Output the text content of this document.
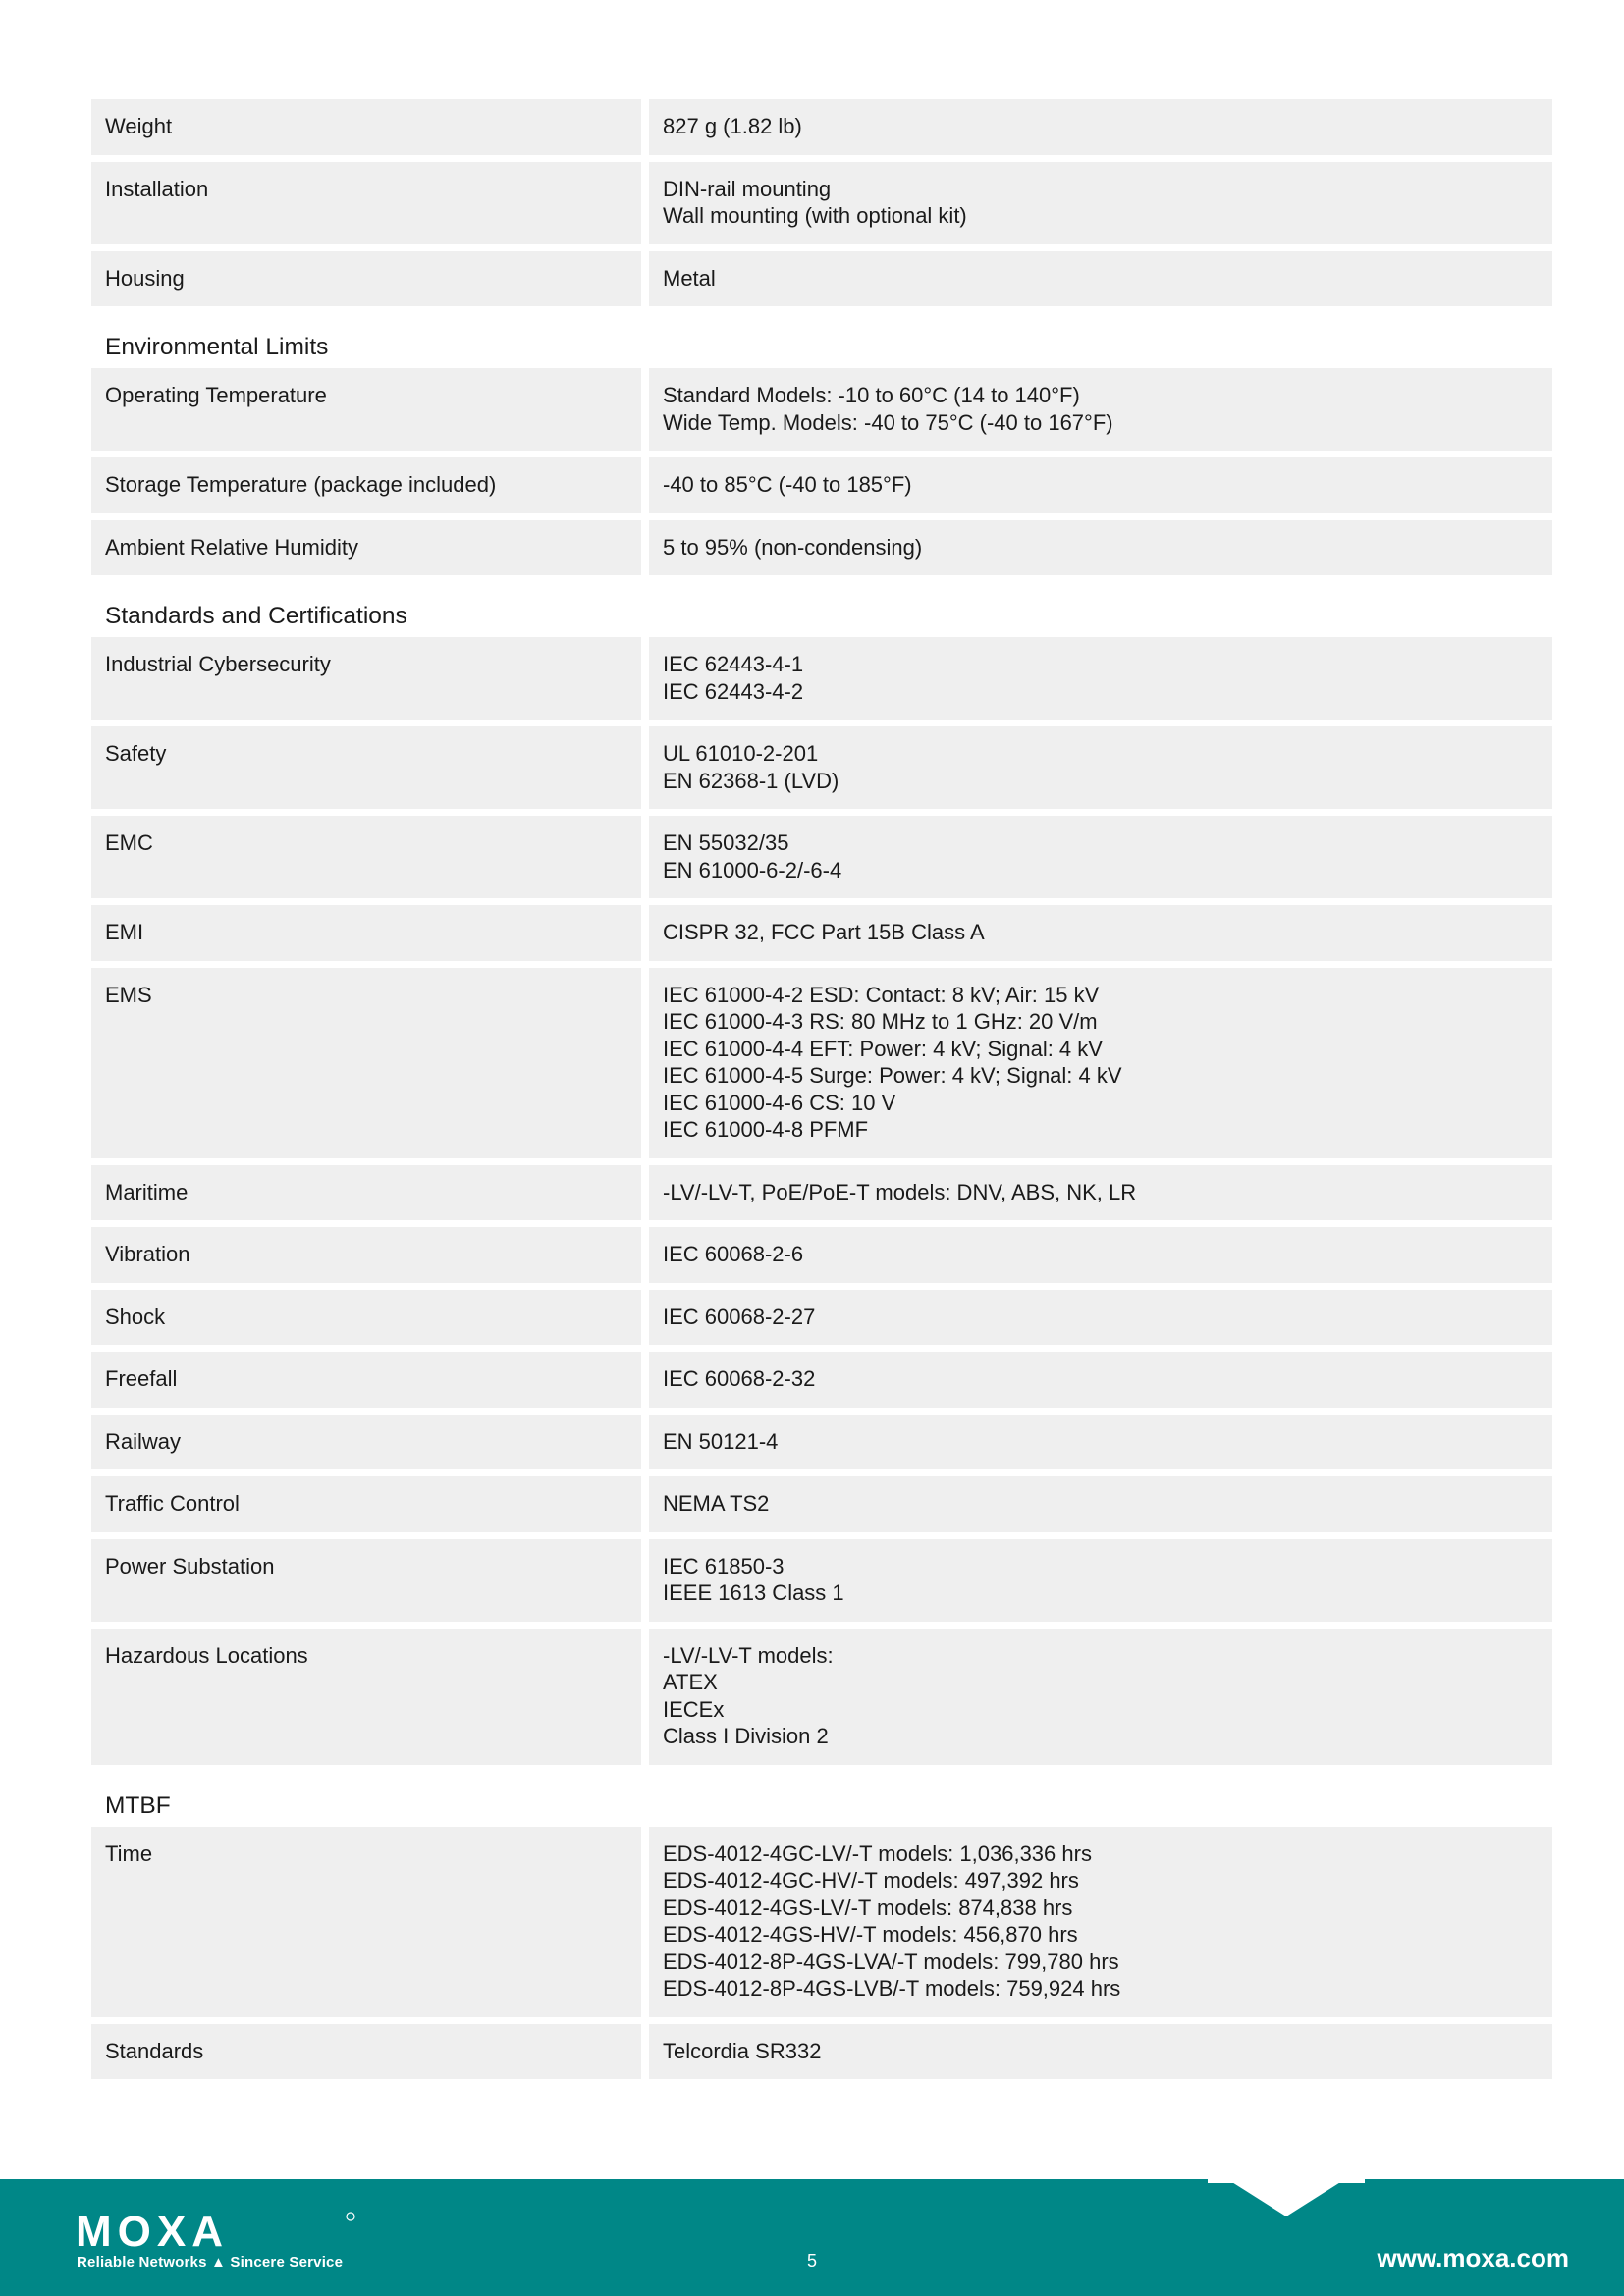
Weight	827 g (1.82 lb)
Installation	DIN-rail mounting
Wall mounting (with optional kit)
Housing	Metal
Environmental Limits
Operating Temperature	Standard Models: -10 to 60°C (14 to 140°F)
Wide Temp. Models: -40 to 75°C (-40 to 167°F)
Storage Temperature (package included)	-40 to 85°C (-40 to 185°F)
Ambient Relative Humidity	5 to 95% (non-condensing)
Standards and Certifications
Industrial Cybersecurity	IEC 62443-4-1
IEC 62443-4-2
Safety	UL 61010-2-201
EN 62368-1 (LVD)
EMC	EN 55032/35
EN 61000-6-2/-6-4
EMI	CISPR 32, FCC Part 15B Class A
EMS	IEC 61000-4-2 ESD: Contact: 8 kV; Air: 15 kV
IEC 61000-4-3 RS: 80 MHz to 1 GHz: 20 V/m
IEC 61000-4-4 EFT: Power: 4 kV; Signal: 4 kV
IEC 61000-4-5 Surge: Power: 4 kV; Signal: 4 kV
IEC 61000-4-6 CS: 10 V
IEC 61000-4-8 PFMF
Maritime	-LV/-LV-T, PoE/PoE-T models: DNV, ABS, NK, LR
Vibration	IEC 60068-2-6
Shock	IEC 60068-2-27
Freefall	IEC 60068-2-32
Railway	EN 50121-4
Traffic Control	NEMA TS2
Power Substation	IEC 61850-3
IEEE 1613 Class 1
Hazardous Locations	-LV/-LV-T models:
ATEX
IECEx
Class I Division 2
MTBF
Time	EDS-4012-4GC-LV/-T models: 1,036,336 hrs
EDS-4012-4GC-HV/-T models: 497,392 hrs
EDS-4012-4GS-LV/-T models: 874,838 hrs
EDS-4012-4GS-HV/-T models: 456,870 hrs
EDS-4012-8P-4GS-LVA/-T models: 799,780 hrs
EDS-4012-8P-4GS-LVB/-T models: 759,924 hrs
Standards	Telcordia SR332
MOXA
Reliable Networks ▲ Sincere Service	5	www.moxa.com
